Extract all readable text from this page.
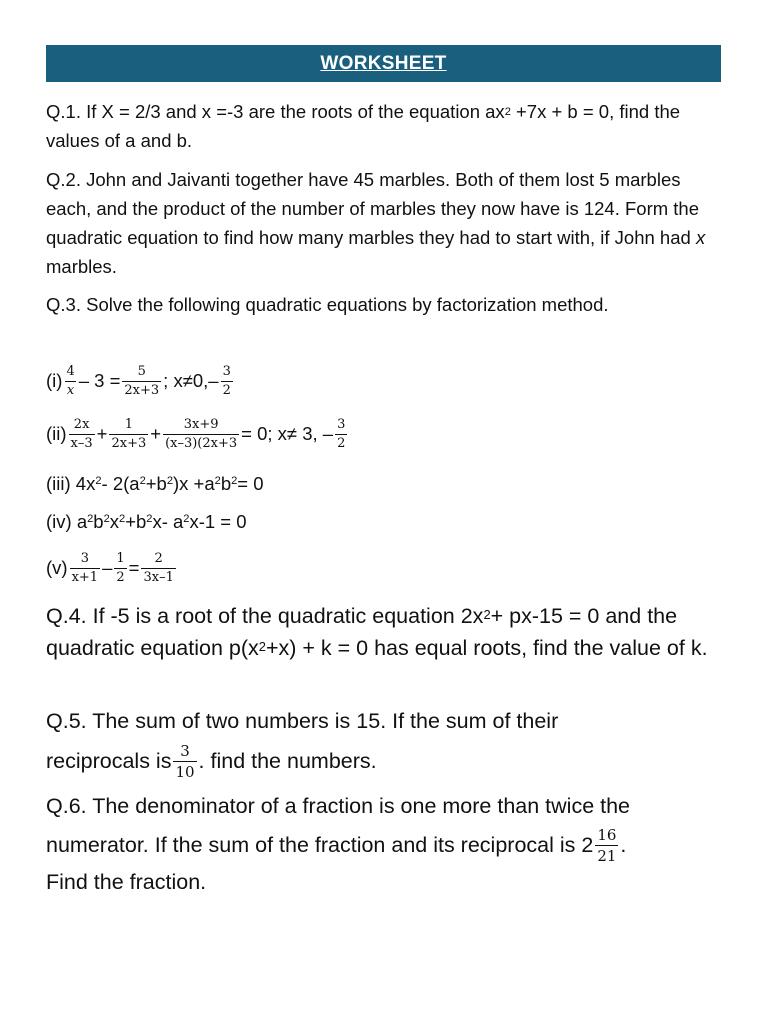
WORKSHEET
Q.1. If X = 2/3 and x =-3 are the roots of the equation $ax^2 +7x + b = 0$, find the values of a and b.
Q.2. John and Jaivanti together have 45 marbles. Both of them lost 5 marbles each, and the product of the number of marbles they now have is 124. Form the quadratic equation to find how many marbles they had to start with, if John had x marbles.
Q.3. Solve the following quadratic equations by factorization method.
$(i) \frac{4}{x} - 3 = \frac{5}{2x+3}$ ; $x\ne 0,- \frac{3}{2}$
$(ii) \frac{2x}{x-3} + \frac{1}{2x+3} + \frac{3x+9}{(x-3)(2x+3} = 0$; x≠ 3, – $\frac{3}{2}$
(iii) $4x^2 - 2(a^2 +b^2$ )$x +a^2$ $b^2 = 0$
(iv) $a^2$ $b^2$ $x^2 +b^2$ x- $a^2$ x-1 = 0
$(v) \frac{3}{x+1} - \frac{1}{2} = \frac{2}{3x-1}$
Q.4. If -5 is a root of the quadratic equation $2x^2+ px-15 = 0$ and the quadratic equation $p(x^2+x) + k = 0$ has equal roots, find the value of k.
Q.5. The sum of two numbers is 15. If the sum of their
reciprocals is $\frac{3}{10}$ . find the numbers.
Q.6. The denominator of a fraction is one more than twice the
numerator. If the sum of the fraction and its reciprocal is $2 \frac{16}{21}$ .
Find the fraction.
